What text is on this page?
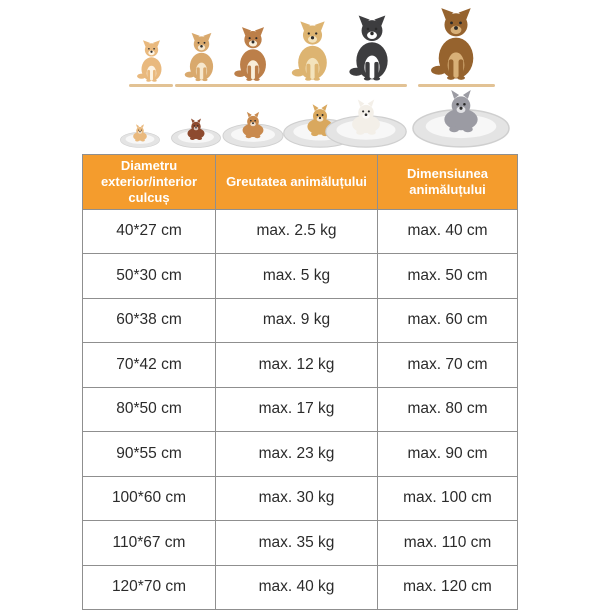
Diametru exterior/interior culcuș	Greutatea animăluțului	Dimensiunea animăluțului
40*27 cm	max. 2.5 kg	max. 40 cm
50*30 cm	max. 5 kg	max. 50 cm
60*38 cm	max. 9 kg	max. 60 cm
70*42 cm	max. 12 kg	max. 70 cm
80*50 cm	max. 17 kg	max. 80 cm
90*55 cm	max. 23 kg	max. 90 cm
100*60 cm	max. 30 kg	max. 100 cm
110*67 cm	max. 35 kg	max. 110 cm
120*70 cm	max. 40 kg	max. 120 cm
